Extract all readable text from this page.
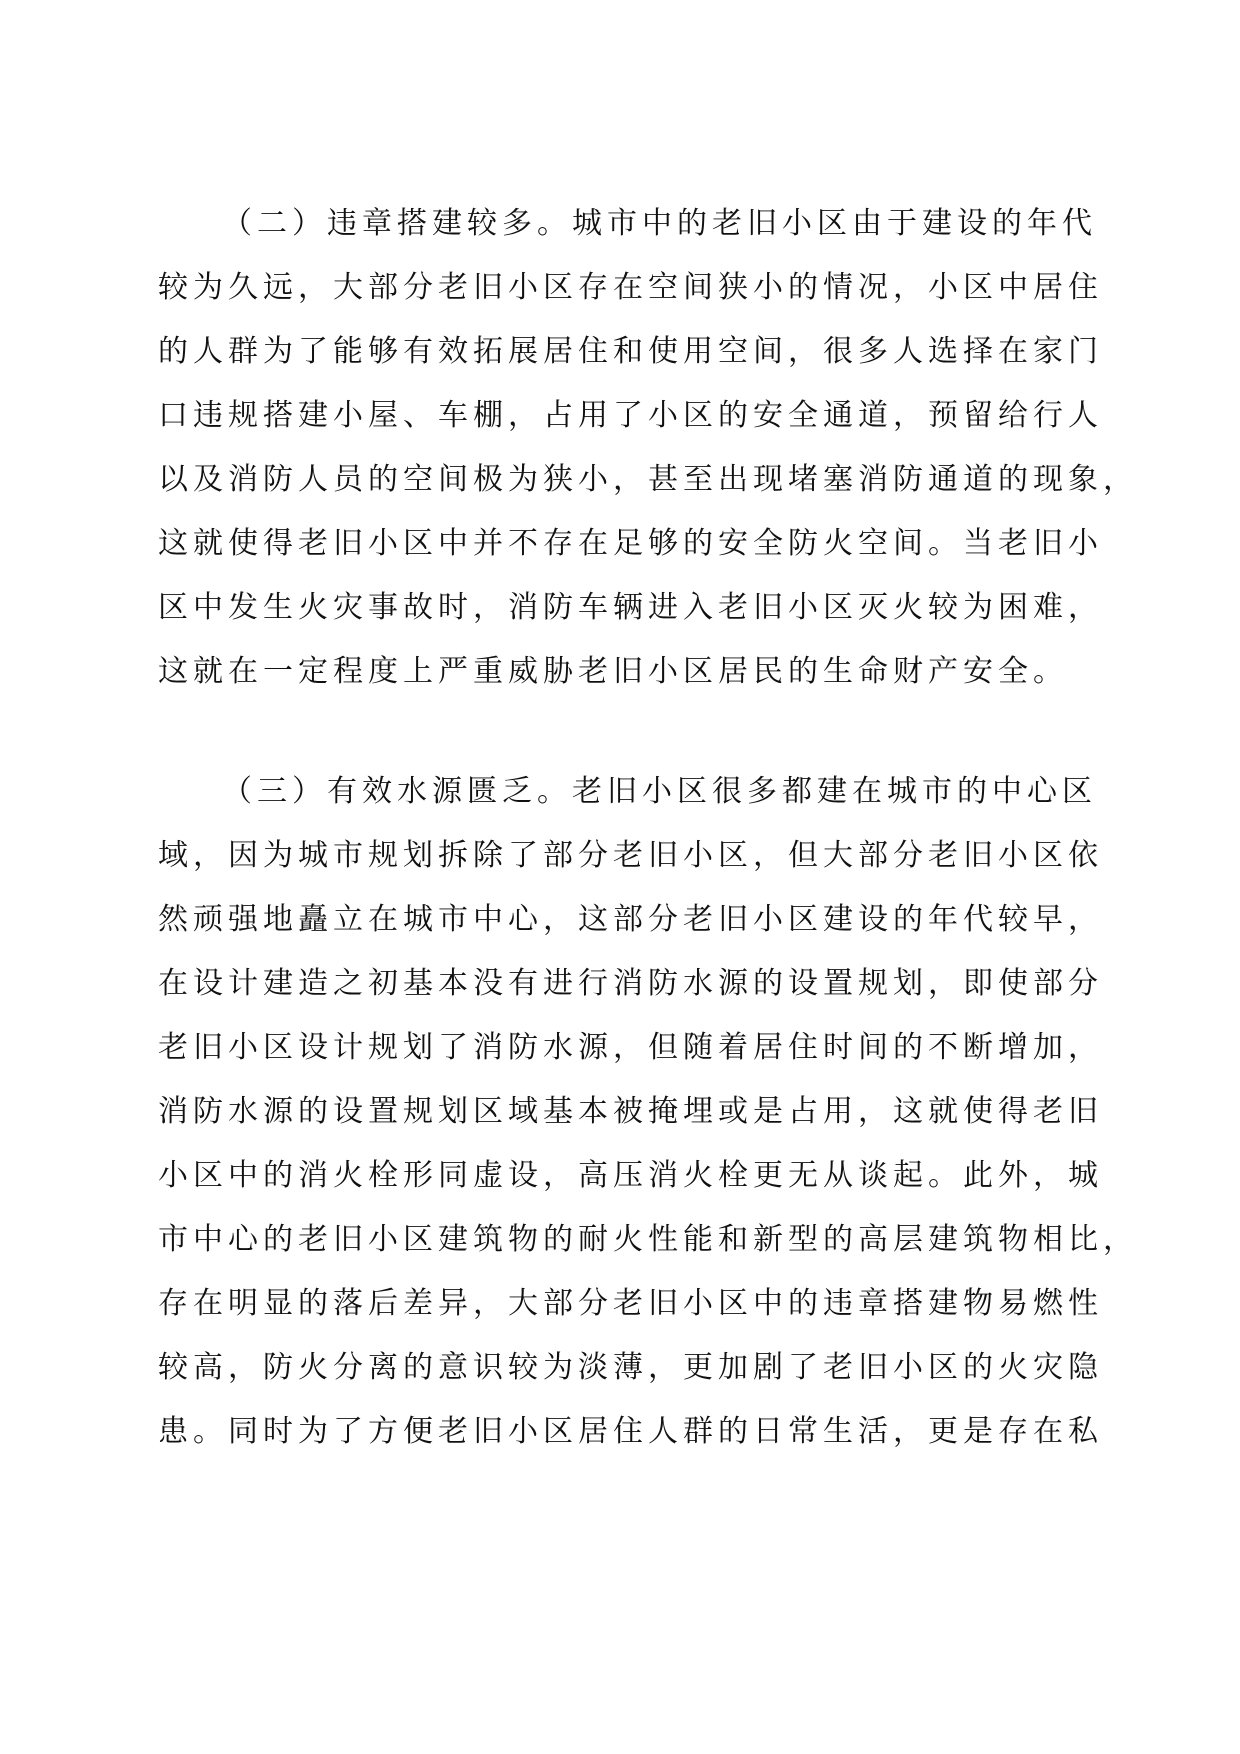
（二）违章搭建较多。城市中的老旧小区由于建设的年代
较为久远，大部分老旧小区存在空间狭小的情况，小区中居住
的人群为了能够有效拓展居住和使用空间，很多人选择在家门
口违规搭建小屋、车棚，占用了小区的安全通道，预留给行人
以及消防人员的空间极为狭小，甚至出现堵塞消防通道的现象，
这就使得老旧小区中并不存在足够的安全防火空间。当老旧小
区中发生火灾事故时，消防车辆进入老旧小区灭火较为困难，
这就在一定程度上严重威胁老旧小区居民的生命财产安全。
（三）有效水源匮乏。老旧小区很多都建在城市的中心区
域，因为城市规划拆除了部分老旧小区，但大部分老旧小区依
然顽强地矗立在城市中心，这部分老旧小区建设的年代较早，
在设计建造之初基本没有进行消防水源的设置规划，即使部分
老旧小区设计规划了消防水源，但随着居住时间的不断增加，
消防水源的设置规划区域基本被掩埋或是占用，这就使得老旧
小区中的消火栓形同虚设，高压消火栓更无从谈起。此外，城
市中心的老旧小区建筑物的耐火性能和新型的高层建筑物相比，
存在明显的落后差异，大部分老旧小区中的违章搭建物易燃性
较高，防火分离的意识较为淡薄，更加剧了老旧小区的火灾隐
患。同时为了方便老旧小区居住人群的日常生活，更是存在私
